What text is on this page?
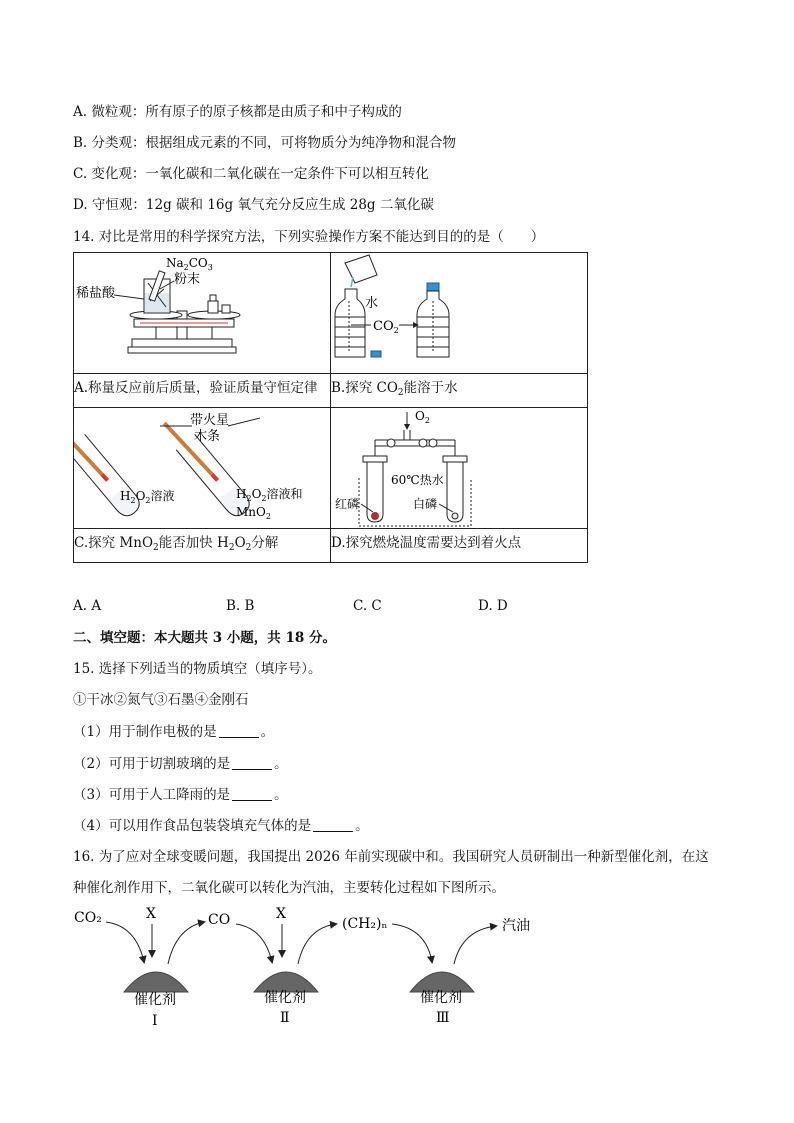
A. 微粒观：所有原子的原子核都是由质子和中子构成的
B. 分类观：根据组成元素的不同，可将物质分为纯净物和混合物
C. 变化观：一氧化碳和二氧化碳在一定条件下可以相互转化
D. 守恒观：12g 碳和 16g 氧气充分反应生成 28g 二氧化碳
14. 对比是常用的科学探究方法，下列实验操作方案不能达到目的的是（　　）
稀盐酸
$Na_2CO_3$
粉末	水
$CO_2$

A.称量反应前后质量，验证质量守恒定律	B.探究 $CO_2$能溶于水

带火星
木条
$H_2O_2$溶液 $H_2O_2$溶液和
MnO$_2$	$O_2$
60℃热水
红磷 白磷

C.探究 MnO$_2$能否加快 $H_2O_2$分解	D.探究燃烧温度需要达到着火点
A. A	B. B	C. C	D. D
二、填空题：本大题共 3 小题，共 18 分。
15. 选择下列适当的物质填空（填序号）。
①干冰②氮气③石墨④金刚石
（1）用于制作电极的是	。
（2）可用于切割玻璃的是	。
（3）可用于人工降雨的是	。
（4）可以用作食品包装袋填充气体的是	。
16. 为了应对全球变暖问题，我国提出 2026 年前实现碳中和。我国研究人员研制出一种新型催化剂，在这
种催化剂作用下，二氧化碳可以转化为汽油，主要转化过程如下图所示。
CO₂	X	CO	X
(CH₂)ₙ	汽油
催化剂	催化剂	催化剂
Ⅰ	Ⅱ	Ⅲ
